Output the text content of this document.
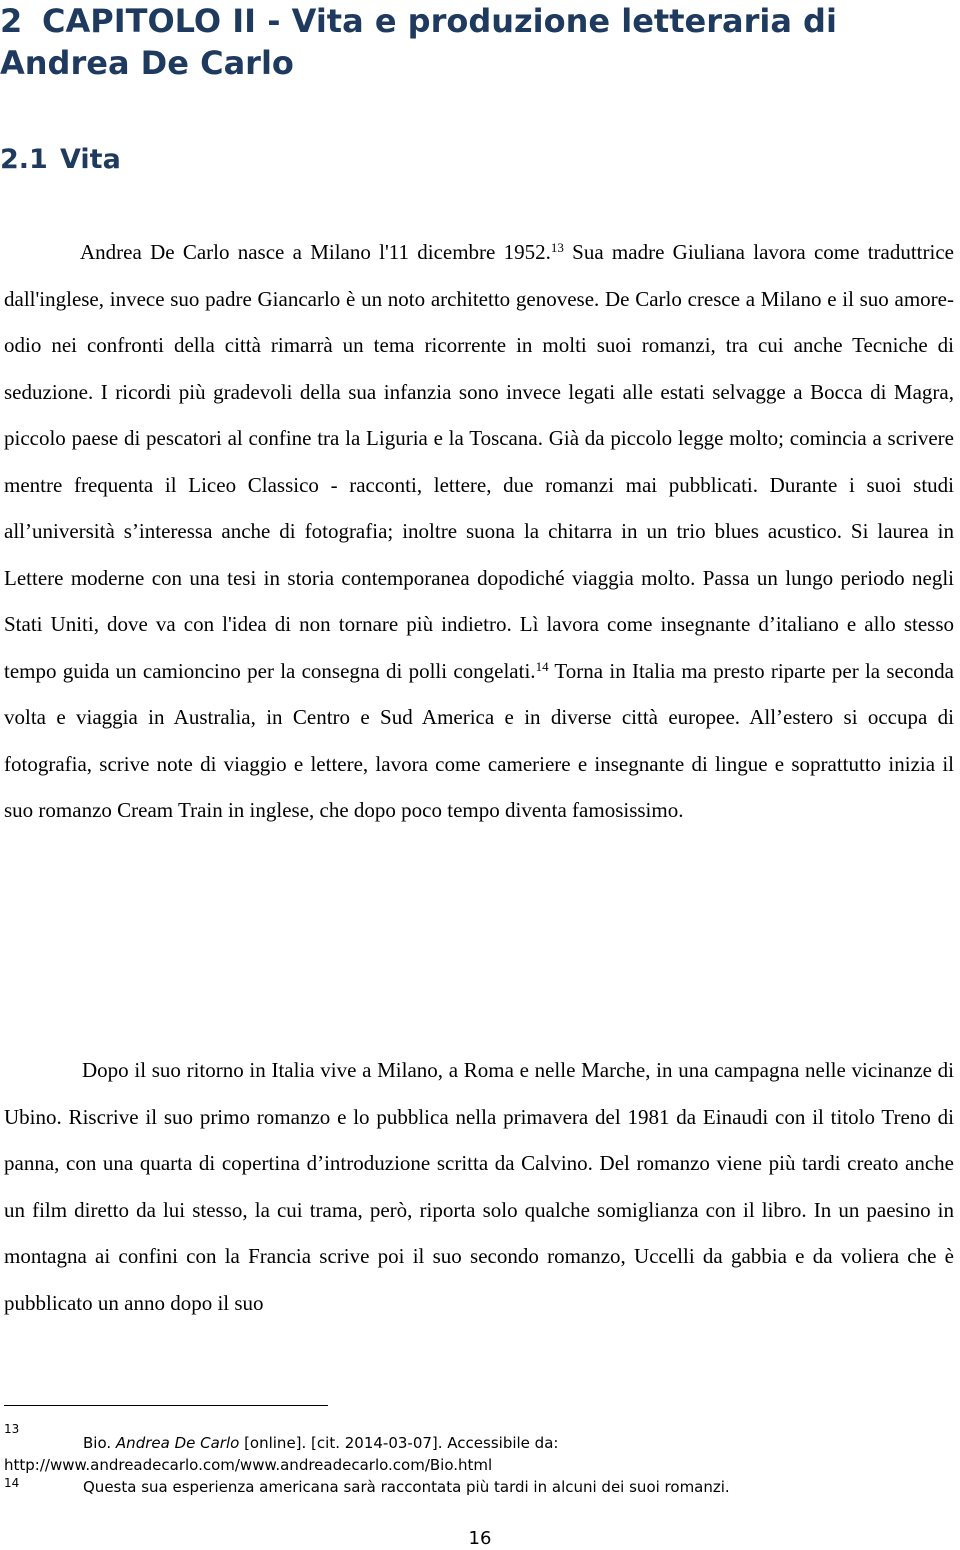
2 CAPITOLO II - Vita e produzione letteraria di Andrea De Carlo
2.1 Vita

Andrea De Carlo nasce a Milano l'11 dicembre 1952.13 Sua madre Giuliana lavora come traduttrice dall'inglese, invece suo padre Giancarlo è un noto architetto genovese. De Carlo cresce a Milano e il suo amore-odio nei confronti della città rimarrà un tema ricorrente in molti suoi romanzi, tra cui anche Tecniche di seduzione. I ricordi più gradevoli della sua infanzia sono invece legati alle estati selvagge a Bocca di Magra, piccolo paese di pescatori al confine tra la Liguria e la Toscana. Già da piccolo legge molto; comincia a scrivere mentre frequenta il Liceo Classico - racconti, lettere, due romanzi mai pubblicati. Durante i suoi studi all’università s’interessa anche di fotografia; inoltre suona la chitarra in un trio blues acustico. Si laurea in Lettere moderne con una tesi in storia contemporanea dopodiché viaggia molto. Passa un lungo periodo negli Stati Uniti, dove va con l'idea di non tornare più indietro. Lì lavora come insegnante d’italiano e allo stesso tempo guida un camioncino per la consegna di polli congelati.$^{14}$ Torna in Italia ma presto riparte per la seconda volta e viaggia in Australia, in Centro e Sud America e in diverse città europee. All’estero si occupa di fotografia, scrive note di viaggio e lettere, lavora come cameriere e insegnante di lingue e soprattutto inizia il suo romanzo Cream Train in inglese, che dopo poco tempo diventa famosissimo.

Dopo il suo ritorno in Italia vive a Milano, a Roma e nelle Marche, in una campagna nelle vicinanze di Ubino. Riscrive il suo primo romanzo e lo pubblica nella primavera del 1981 da Einaudi con il titolo Treno di panna, con una quarta di copertina d’introduzione scritta da Calvino. Del romanzo viene più tardi creato anche un film diretto da lui stesso, la cui trama, però, riporta solo qualche somiglianza con il libro. In un paesino in montagna ai confini con la Francia scrive poi il suo secondo romanzo, Uccelli da gabbia e da voliera che è pubblicato un anno dopo il suo

13
Bio. Andrea De Carlo [online]. [cit. 2014-03-07]. Accessibile da:
http://www.andreadecarlo.com/www.andreadecarlo.com/Bio.html
14	Questa sua esperienza americana sarà raccontata più tardi in alcuni dei suoi romanzi.
16
